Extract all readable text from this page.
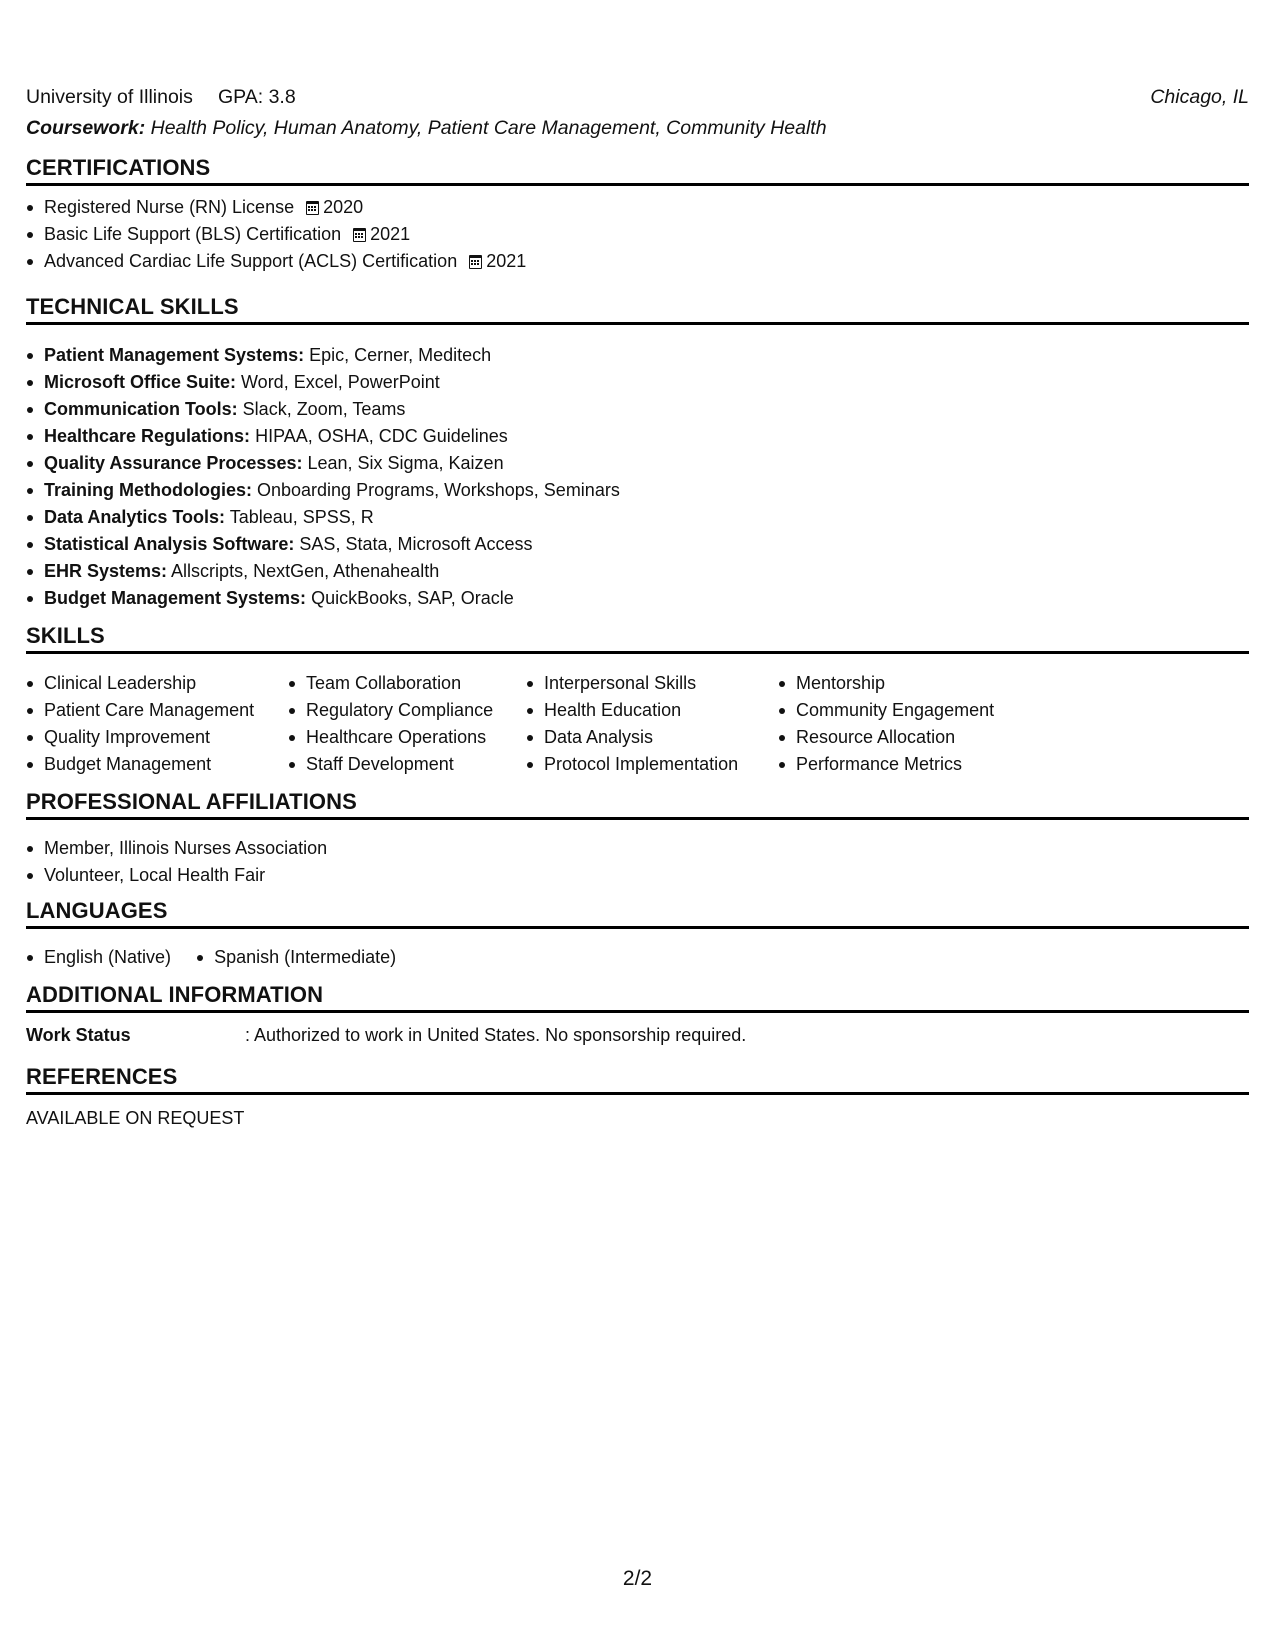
University of Illinois GPA: 3.8	Chicago, IL
Coursework: Health Policy, Human Anatomy, Patient Care Management, Community Health
CERTIFICATIONS
Registered Nurse (RN) License 2020
Basic Life Support (BLS) Certification 2021
Advanced Cardiac Life Support (ACLS) Certification 2021
TECHNICAL SKILLS
Patient Management Systems: Epic, Cerner, Meditech
Microsoft Office Suite: Word, Excel, PowerPoint
Communication Tools: Slack, Zoom, Teams
Healthcare Regulations: HIPAA, OSHA, CDC Guidelines
Quality Assurance Processes: Lean, Six Sigma, Kaizen
Training Methodologies: Onboarding Programs, Workshops, Seminars
Data Analytics Tools: Tableau, SPSS, R
Statistical Analysis Software: SAS, Stata, Microsoft Access
EHR Systems: Allscripts, NextGen, Athenahealth
Budget Management Systems: QuickBooks, SAP, Oracle
SKILLS
Clinical Leadership
Patient Care Management
Quality Improvement
Budget Management
Team Collaboration
Regulatory Compliance
Healthcare Operations
Staff Development
Interpersonal Skills
Health Education
Data Analysis
Protocol Implementation
Mentorship
Community Engagement
Resource Allocation
Performance Metrics
PROFESSIONAL AFFILIATIONS
Member, Illinois Nurses Association
Volunteer, Local Health Fair
LANGUAGES
English (Native) Spanish (Intermediate)
ADDITIONAL INFORMATION
Work Status	: Authorized to work in United States. No sponsorship required.
REFERENCES
AVAILABLE ON REQUEST
2/2
